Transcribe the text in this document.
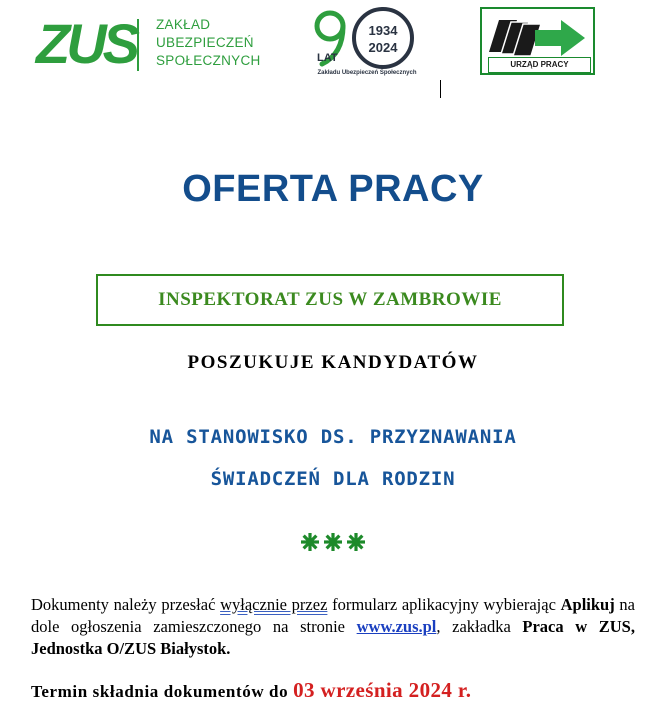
ZUS ZAKŁAD
UBEZPIECZEŃ
SPOŁECZNYCH
1934
2024
LAT
Zakładu Ubezpieczeń Społecznych
URZĄD PRACY
OFERTA PRACY
INSPEKTORAT ZUS W ZAMBROWIE
POSZUKUJE KANDYDATÓW
NA STANOWISKO DS. PRZYZNAWANIA
ŚWIADCZEŃ DLA RODZIN
Dokumenty należy przesłać wyłącznie przez formularz aplikacyjny wybierając Aplikuj na dole ogłoszenia zamieszczonego na stronie www.zus.pl, zakładka Praca w ZUS, Jednostka O/ZUS Białystok.
Termin składnia dokumentów do 03 września 2024 r.
